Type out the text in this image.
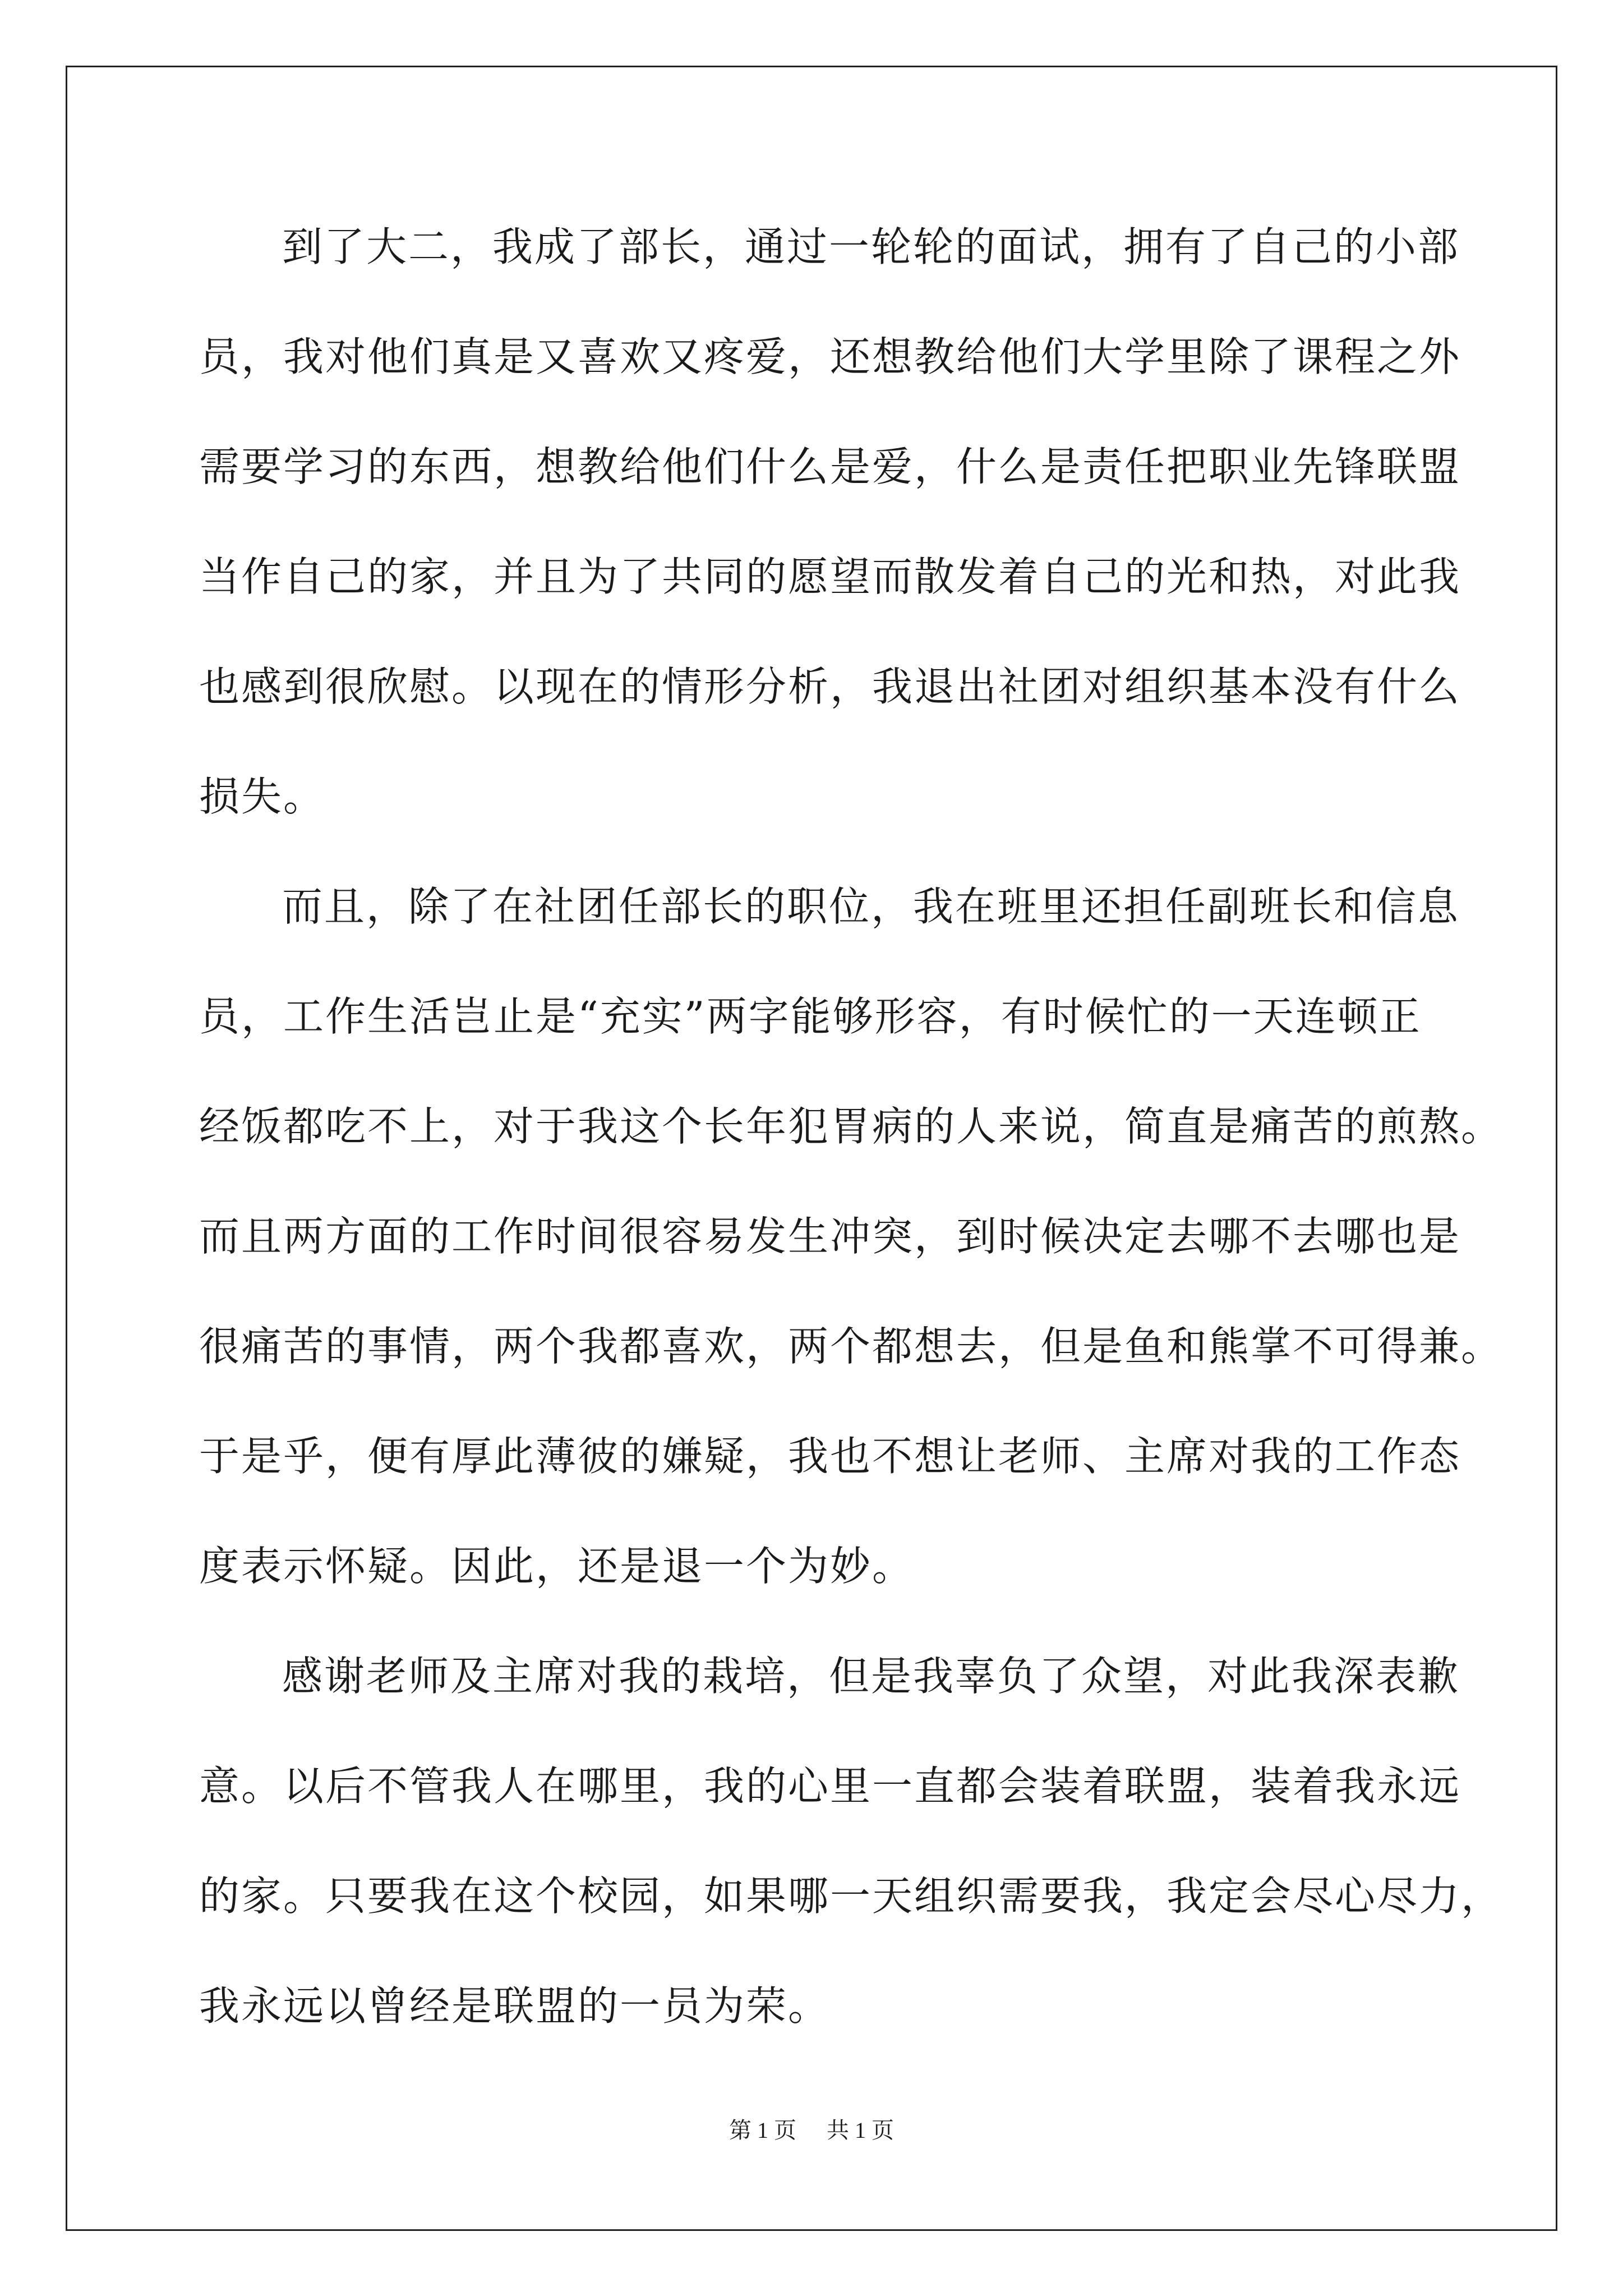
到了大二，我成了部长，通过一轮轮的面试，拥有了自己的小部
员，我对他们真是又喜欢又疼爱，还想教给他们大学里除了课程之外
需要学习的东西，想教给他们什么是爱，什么是责任把职业先锋联盟
当作自己的家，并且为了共同的愿望而散发着自己的光和热，对此我
也感到很欣慰。以现在的情形分析，我退出社团对组织基本没有什么
损失。
而且，除了在社团任部长的职位，我在班里还担任副班长和信息
员，工作生活岂止是“充实”两字能够形容，有时候忙的一天连顿正
经饭都吃不上，对于我这个长年犯胃病的人来说，简直是痛苦的煎熬。
而且两方面的工作时间很容易发生冲突，到时候决定去哪不去哪也是
很痛苦的事情，两个我都喜欢，两个都想去，但是鱼和熊掌不可得兼。
于是乎，便有厚此薄彼的嫌疑，我也不想让老师、主席对我的工作态
度表示怀疑。因此，还是退一个为妙。
感谢老师及主席对我的栽培，但是我辜负了众望，对此我深表歉
意。以后不管我人在哪里，我的心里一直都会装着联盟，装着我永远
的家。只要我在这个校园，如果哪一天组织需要我，我定会尽心尽力，
我永远以曾经是联盟的一员为荣。
第 1 页 共 1 页
